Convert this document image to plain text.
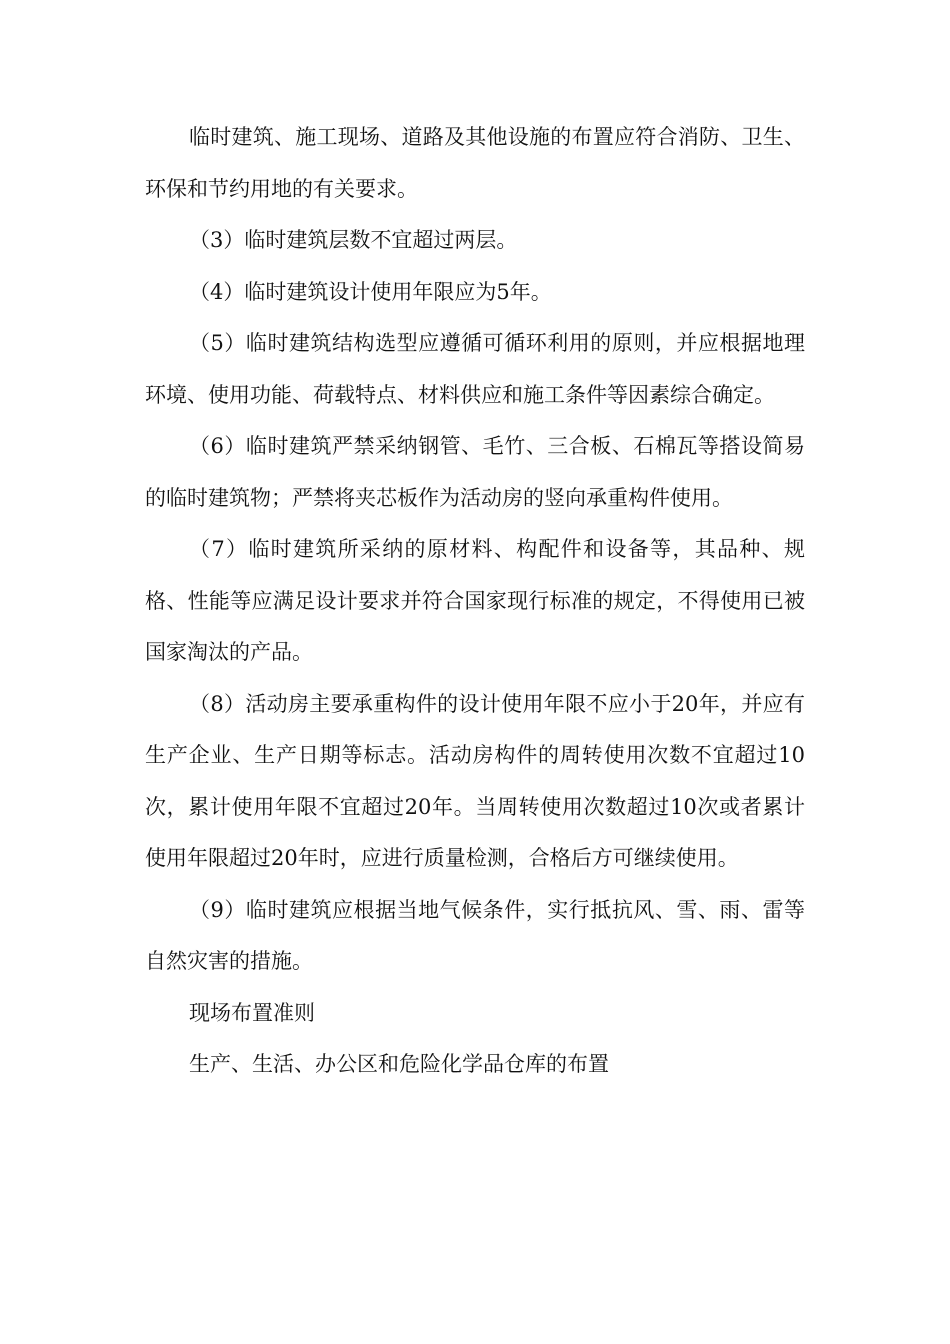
临时建筑、施工现场、道路及其他设施的布置应符合消防、卫生、环保和节约用地的有关要求。

（3）临时建筑层数不宜超过两层。

（4）临时建筑设计使用年限应为5年。

（5）临时建筑结构选型应遵循可循环利用的原则，并应根据地理环境、使用功能、荷载特点、材料供应和施工条件等因素综合确定。

（6）临时建筑严禁采纳钢管、毛竹、三合板、石棉瓦等搭设简易的临时建筑物；严禁将夹芯板作为活动房的竖向承重构件使用。

（7）临时建筑所采纳的原材料、构配件和设备等，其品种、规格、性能等应满足设计要求并符合国家现行标准的规定，不得使用已被国家淘汰的产品。

（8）活动房主要承重构件的设计使用年限不应小于20年，并应有生产企业、生产日期等标志。活动房构件的周转使用次数不宜超过10次，累计使用年限不宜超过20年。当周转使用次数超过10次或者累计使用年限超过20年时，应进行质量检测，合格后方可继续使用。

（9）临时建筑应根据当地气候条件，实行抵抗风、雪、雨、雷等自然灾害的措施。

现场布置准则

生产、生活、办公区和危险化学品仓库的布置
